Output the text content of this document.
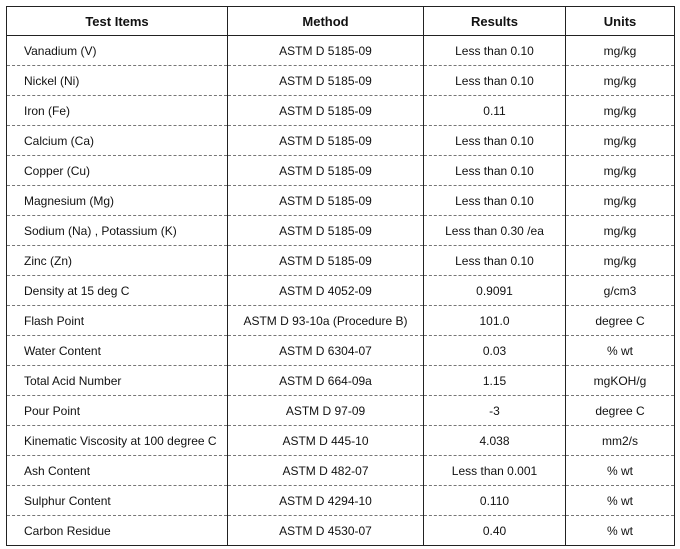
Test Items	Method	Results	Units
Vanadium (V)	ASTM D 5185-09	Less than 0.10	mg/kg
Nickel (Ni)	ASTM D 5185-09	Less than 0.10	mg/kg
Iron (Fe)	ASTM D 5185-09	0.11	mg/kg
Calcium (Ca)	ASTM D 5185-09	Less than 0.10	mg/kg
Copper (Cu)	ASTM D 5185-09	Less than 0.10	mg/kg
Magnesium (Mg)	ASTM D 5185-09	Less than 0.10	mg/kg
Sodium (Na) , Potassium (K)	ASTM D 5185-09	Less than 0.30 /ea	mg/kg
Zinc (Zn)	ASTM D 5185-09	Less than 0.10	mg/kg
Density at 15 deg C	ASTM D 4052-09	0.9091	g/cm3
Flash Point	ASTM D 93-10a (Procedure B)	101.0	degree C
Water Content	ASTM D 6304-07	0.03	% wt
Total Acid Number	ASTM D 664-09a	1.15	mgKOH/g
Pour Point	ASTM D 97-09	-3	degree C
Kinematic Viscosity at 100 degree C	ASTM D 445-10	4.038	mm2/s
Ash Content	ASTM D 482-07	Less than 0.001	% wt
Sulphur Content	ASTM D 4294-10	0.110	% wt
Carbon Residue	ASTM D 4530-07	0.40	% wt
